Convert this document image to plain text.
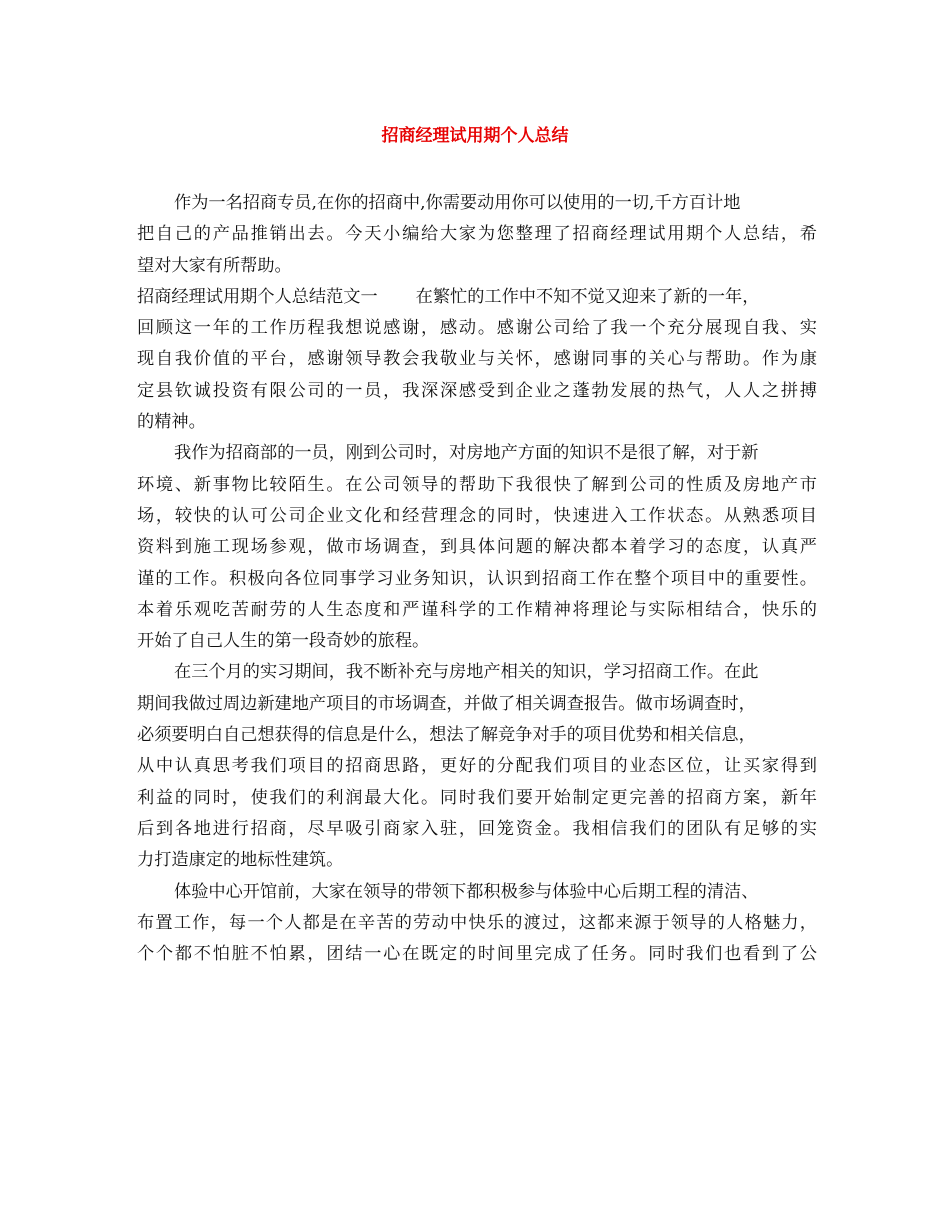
招商经理试用期个人总结
作为一名招商专员,在你的招商中,你需要动用你可以使用的一切,千方百计地
把自己的产品推销出去。今天小编给大家为您整理了招商经理试用期个人总结，希
望对大家有所帮助。
招商经理试用期个人总结范文一 在繁忙的工作中不知不觉又迎来了新的一年，
回顾这一年的工作历程我想说感谢，感动。感谢公司给了我一个充分展现自我、实
现自我价值的平台，感谢领导教会我敬业与关怀，感谢同事的关心与帮助。作为康
定县钦诚投资有限公司的一员，我深深感受到企业之蓬勃发展的热气，人人之拼搏
的精神。
我作为招商部的一员，刚到公司时，对房地产方面的知识不是很了解，对于新
环境、新事物比较陌生。在公司领导的帮助下我很快了解到公司的性质及房地产市
场，较快的认可公司企业文化和经营理念的同时，快速进入工作状态。从熟悉项目
资料到施工现场参观，做市场调查，到具体问题的解决都本着学习的态度，认真严
谨的工作。积极向各位同事学习业务知识，认识到招商工作在整个项目中的重要性。
本着乐观吃苦耐劳的人生态度和严谨科学的工作精神将理论与实际相结合，快乐的
开始了自己人生的第一段奇妙的旅程。
在三个月的实习期间，我不断补充与房地产相关的知识，学习招商工作。在此
期间我做过周边新建地产项目的市场调查，并做了相关调查报告。做市场调查时，
必须要明白自己想获得的信息是什么，想法了解竞争对手的项目优势和相关信息，
从中认真思考我们项目的招商思路，更好的分配我们项目的业态区位，让买家得到
利益的同时，使我们的利润最大化。同时我们要开始制定更完善的招商方案，新年
后到各地进行招商，尽早吸引商家入驻，回笼资金。我相信我们的团队有足够的实
力打造康定的地标性建筑。
体验中心开馆前，大家在领导的带领下都积极参与体验中心后期工程的清洁、
布置工作，每一个人都是在辛苦的劳动中快乐的渡过，这都来源于领导的人格魅力，
个个都不怕脏不怕累，团结一心在既定的时间里完成了任务。同时我们也看到了公
